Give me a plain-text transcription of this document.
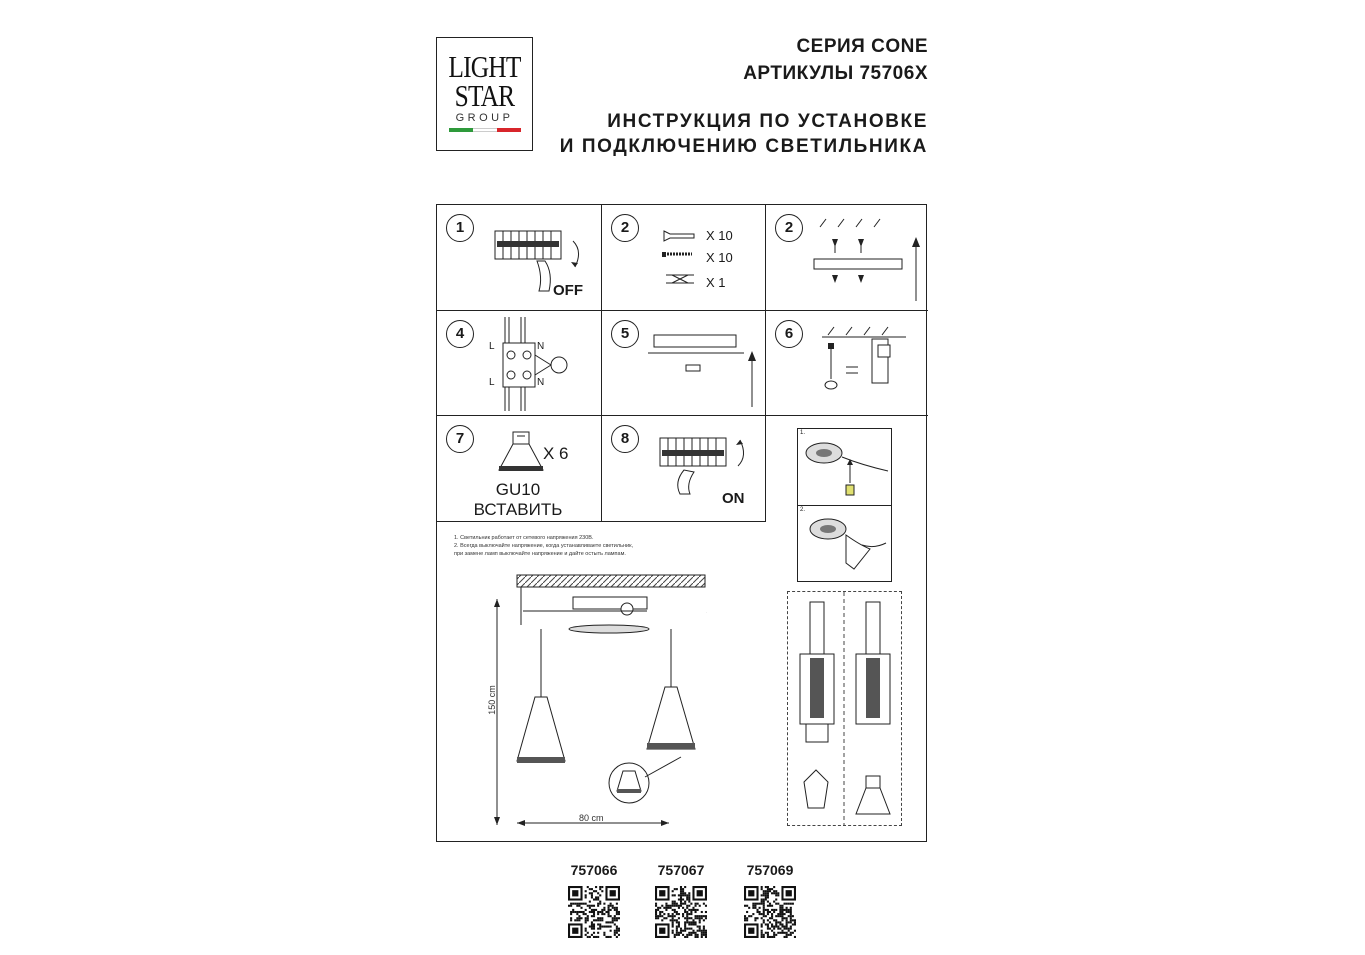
LIGHT
STAR
GROUP
СЕРИЯ CONE
АРТИКУЛЫ 75706X
ИНСТРУКЦИЯ ПО УСТАНОВКЕ
И ПОДКЛЮЧЕНИЮ СВЕТИЛЬНИКА
1
OFF
2	X 10
X 10
X 1
2
4
L	N
L	N
5	6
7
X 6
GU10
ВСТАВИТЬ
8
ON
1.
2.
1. Светильник работает от сетевого напряжения 230В.
2. Всегда выключайте напряжение, когда устанавливаете светильник,
при замене ламп выключайте напряжение и дайте остыть лампам.
150 cm
80 cm
757066	757067	757069
